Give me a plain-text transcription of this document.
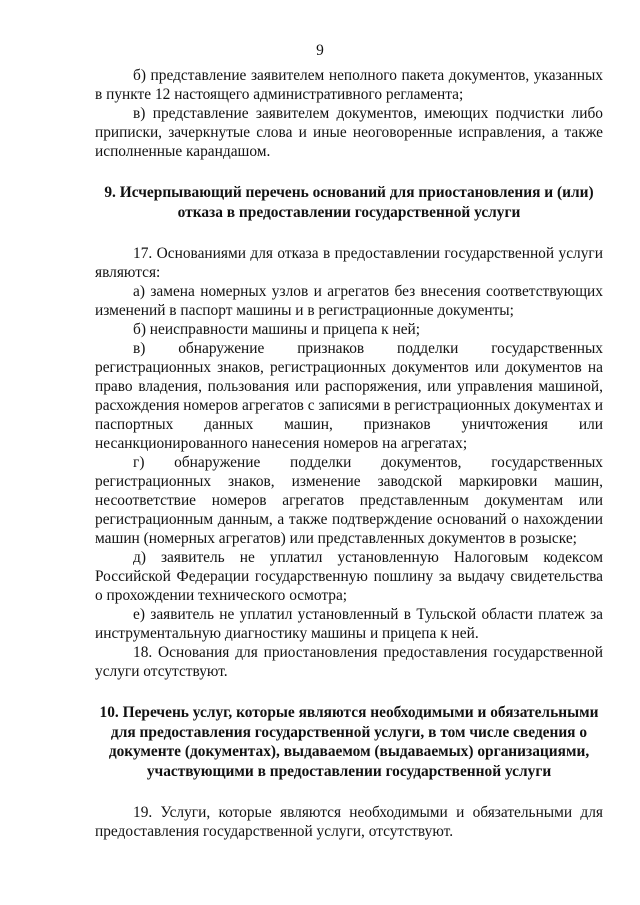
9

б) представление заявителем неполного пакета документов, указанных в пункте 12 настоящего административного регламента;

в) представление заявителем документов, имеющих подчистки либо приписки, зачеркнутые слова и иные неоговоренные исправления, а также исполненные карандашом.

9. Исчерпывающий перечень оснований для приостановления и (или) отказа в предоставлении государственной услуги

17. Основаниями для отказа в предоставлении государственной услуги являются:

а) замена номерных узлов и агрегатов без внесения соответствующих изменений в паспорт машины и в регистрационные документы;

б) неисправности машины и прицепа к ней;

в) обнаружение признаков подделки государственных регистрационных знаков, регистрационных документов или документов на право владения, пользования или распоряжения, или управления машиной, расхождения номеров агрегатов с записями в регистрационных документах и паспортных данных машин, признаков уничтожения или несанкционированного нанесения номеров на агрегатах;

г) обнаружение подделки документов, государственных регистрационных знаков, изменение заводской маркировки машин, несоответствие номеров агрегатов представленным документам или регистрационным данным, а также подтверждение оснований о нахождении машин (номерных агрегатов) или представленных документов в розыске;

д) заявитель не уплатил установленную Налоговым кодексом Российской Федерации государственную пошлину за выдачу свидетельства о прохождении технического осмотра;

е) заявитель не уплатил установленный в Тульской области платеж за инструментальную диагностику машины и прицепа к ней.

18. Основания для приостановления предоставления государственной услуги отсутствуют.

10. Перечень услуг, которые являются необходимыми и обязательными для предоставления государственной услуги, в том числе сведения о документе (документах), выдаваемом (выдаваемых) организациями, участвующими в предоставлении государственной услуги

19. Услуги, которые являются необходимыми и обязательными для предоставления государственной услуги, отсутствуют.
